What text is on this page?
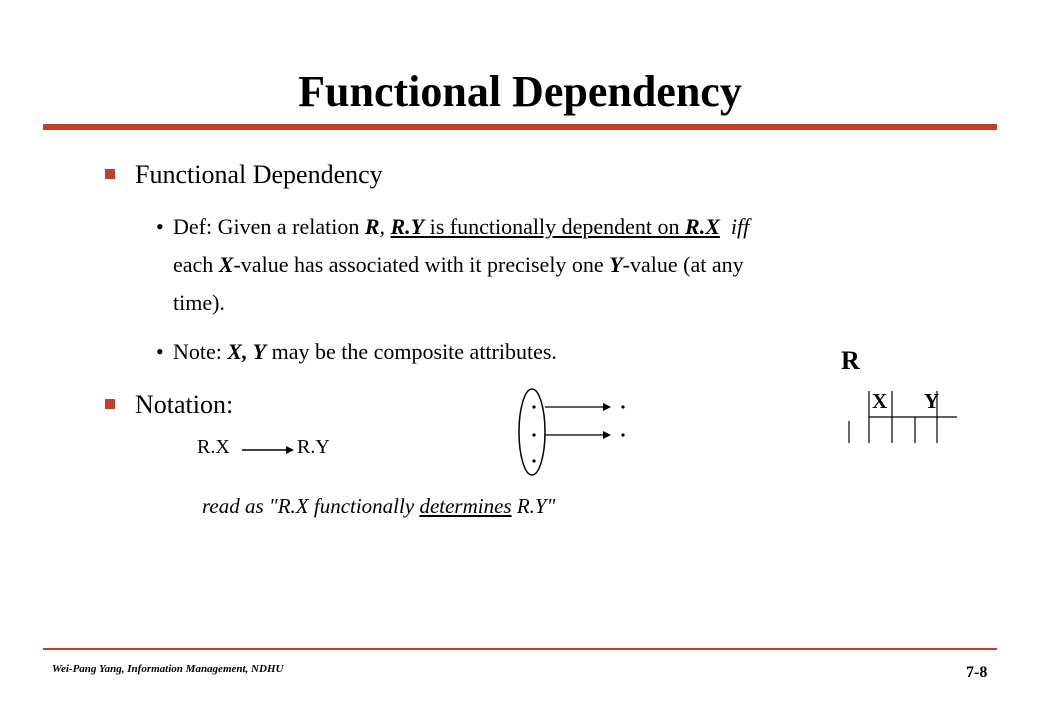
Functional Dependency
Functional Dependency
• Def: Given a relation R, R.Y is functionally dependent on R.X iff
each X-value has associated with it precisely one Y-value (at any
time).
• Note: X, Y may be the composite attributes.
Notation:
R.X	R.Y
read as "R.X functionally determines R.Y"
R
X Y
Wei-Pang Yang, Information Management, NDHU	7-8
